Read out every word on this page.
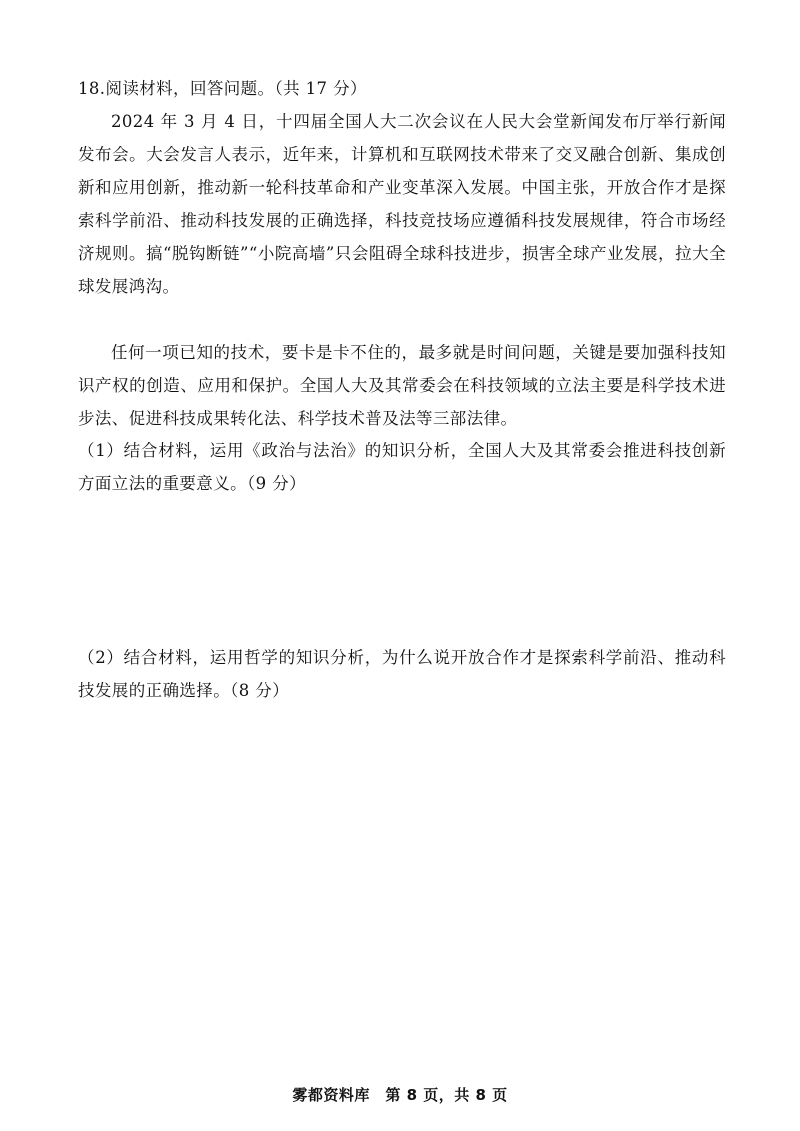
18.阅读材料，回答问题。（共 17 分）

2024 年 3 月 4 日，十四届全国人大二次会议在人民大会堂新闻发布厅举行新闻发布会。大会发言人表示，近年来，计算机和互联网技术带来了交叉融合创新、集成创新和应用创新，推动新一轮科技革命和产业变革深入发展。中国主张，开放合作才是探索科学前沿、推动科技发展的正确选择，科技竞技场应遵循科技发展规律，符合市场经济规则。搞“脱钩断链”“小院高墙”只会阻碍全球科技进步，损害全球产业发展，拉大全球发展鸿沟。

任何一项已知的技术，要卡是卡不住的，最多就是时间问题，关键是要加强科技知识产权的创造、应用和保护。全国人大及其常委会在科技领域的立法主要是科学技术进步法、促进科技成果转化法、科学技术普及法等三部法律。

（1）结合材料，运用《政治与法治》的知识分析，全国人大及其常委会推进科技创新方面立法的重要意义。（9 分）

（2）结合材料，运用哲学的知识分析，为什么说开放合作才是探索科学前沿、推动科技发展的正确选择。（8 分）

雾都资料库　第 8 页，共 8 页
